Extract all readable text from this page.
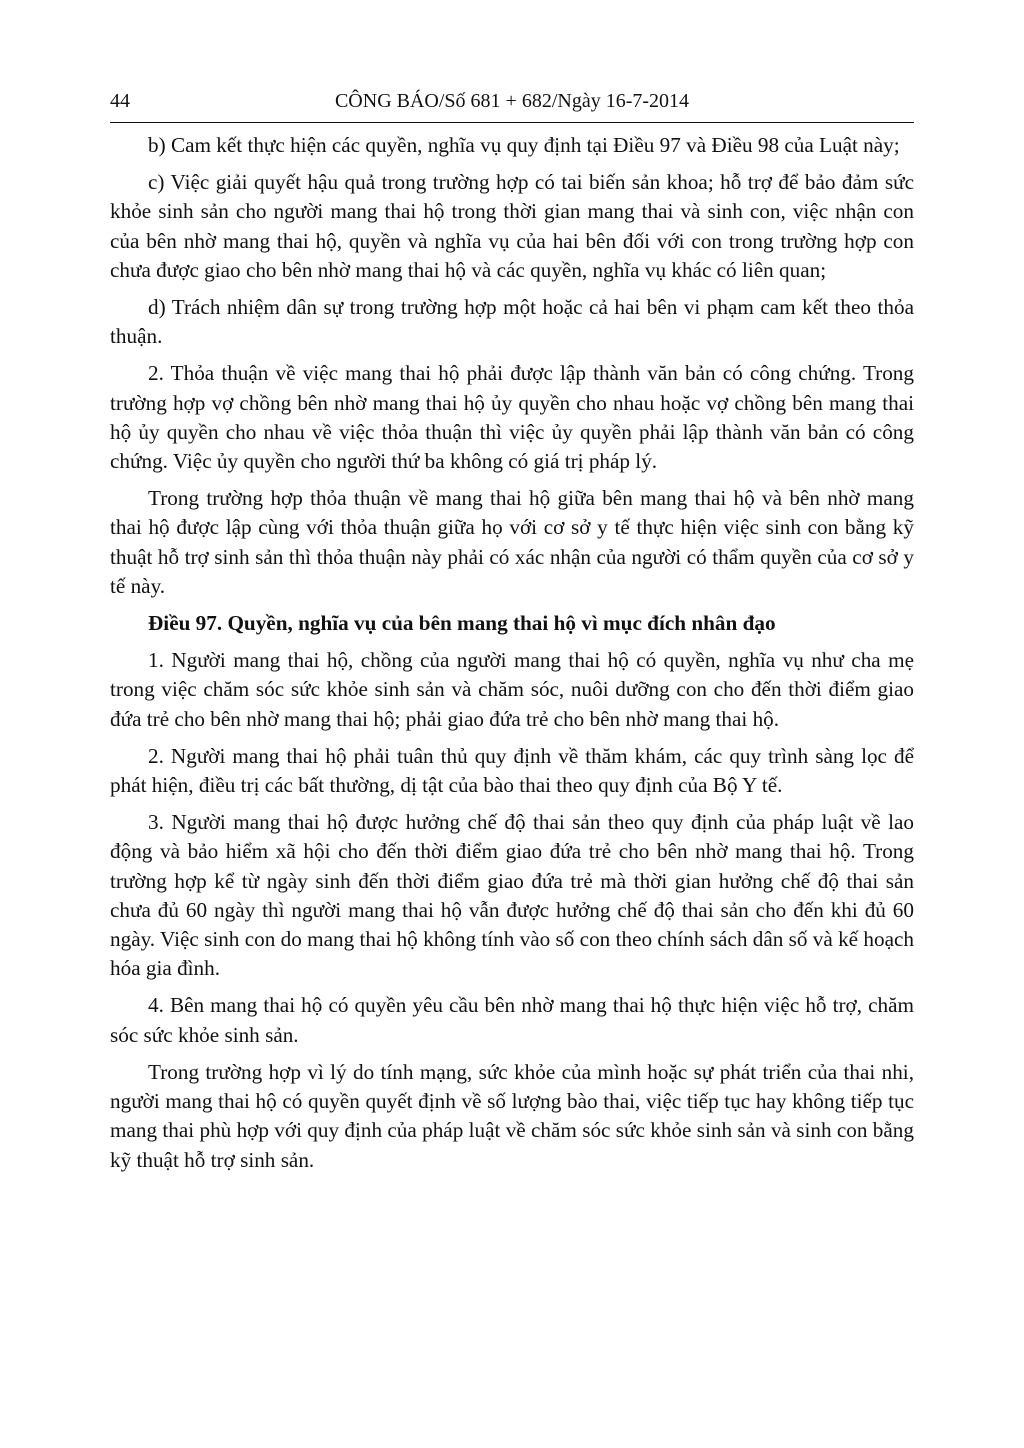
44	CÔNG BÁO/Số 681 + 682/Ngày 16-7-2014

b) Cam kết thực hiện các quyền, nghĩa vụ quy định tại Điều 97 và Điều 98 của Luật này;

c) Việc giải quyết hậu quả trong trường hợp có tai biến sản khoa; hỗ trợ để bảo đảm sức khỏe sinh sản cho người mang thai hộ trong thời gian mang thai và sinh con, việc nhận con của bên nhờ mang thai hộ, quyền và nghĩa vụ của hai bên đối với con trong trường hợp con chưa được giao cho bên nhờ mang thai hộ và các quyền, nghĩa vụ khác có liên quan;

d) Trách nhiệm dân sự trong trường hợp một hoặc cả hai bên vi phạm cam kết theo thỏa thuận.

2. Thỏa thuận về việc mang thai hộ phải được lập thành văn bản có công chứng. Trong trường hợp vợ chồng bên nhờ mang thai hộ ủy quyền cho nhau hoặc vợ chồng bên mang thai hộ ủy quyền cho nhau về việc thỏa thuận thì việc ủy quyền phải lập thành văn bản có công chứng. Việc ủy quyền cho người thứ ba không có giá trị pháp lý.

Trong trường hợp thỏa thuận về mang thai hộ giữa bên mang thai hộ và bên nhờ mang thai hộ được lập cùng với thỏa thuận giữa họ với cơ sở y tế thực hiện việc sinh con bằng kỹ thuật hỗ trợ sinh sản thì thỏa thuận này phải có xác nhận của người có thẩm quyền của cơ sở y tế này.

Điều 97. Quyền, nghĩa vụ của bên mang thai hộ vì mục đích nhân đạo

1. Người mang thai hộ, chồng của người mang thai hộ có quyền, nghĩa vụ như cha mẹ trong việc chăm sóc sức khỏe sinh sản và chăm sóc, nuôi dưỡng con cho đến thời điểm giao đứa trẻ cho bên nhờ mang thai hộ; phải giao đứa trẻ cho bên nhờ mang thai hộ.

2. Người mang thai hộ phải tuân thủ quy định về thăm khám, các quy trình sàng lọc để phát hiện, điều trị các bất thường, dị tật của bào thai theo quy định của Bộ Y tế.

3. Người mang thai hộ được hưởng chế độ thai sản theo quy định của pháp luật về lao động và bảo hiểm xã hội cho đến thời điểm giao đứa trẻ cho bên nhờ mang thai hộ. Trong trường hợp kể từ ngày sinh đến thời điểm giao đứa trẻ mà thời gian hưởng chế độ thai sản chưa đủ 60 ngày thì người mang thai hộ vẫn được hưởng chế độ thai sản cho đến khi đủ 60 ngày. Việc sinh con do mang thai hộ không tính vào số con theo chính sách dân số và kế hoạch hóa gia đình.

4. Bên mang thai hộ có quyền yêu cầu bên nhờ mang thai hộ thực hiện việc hỗ trợ, chăm sóc sức khỏe sinh sản.

Trong trường hợp vì lý do tính mạng, sức khỏe của mình hoặc sự phát triển của thai nhi, người mang thai hộ có quyền quyết định về số lượng bào thai, việc tiếp tục hay không tiếp tục mang thai phù hợp với quy định của pháp luật về chăm sóc sức khỏe sinh sản và sinh con bằng kỹ thuật hỗ trợ sinh sản.
